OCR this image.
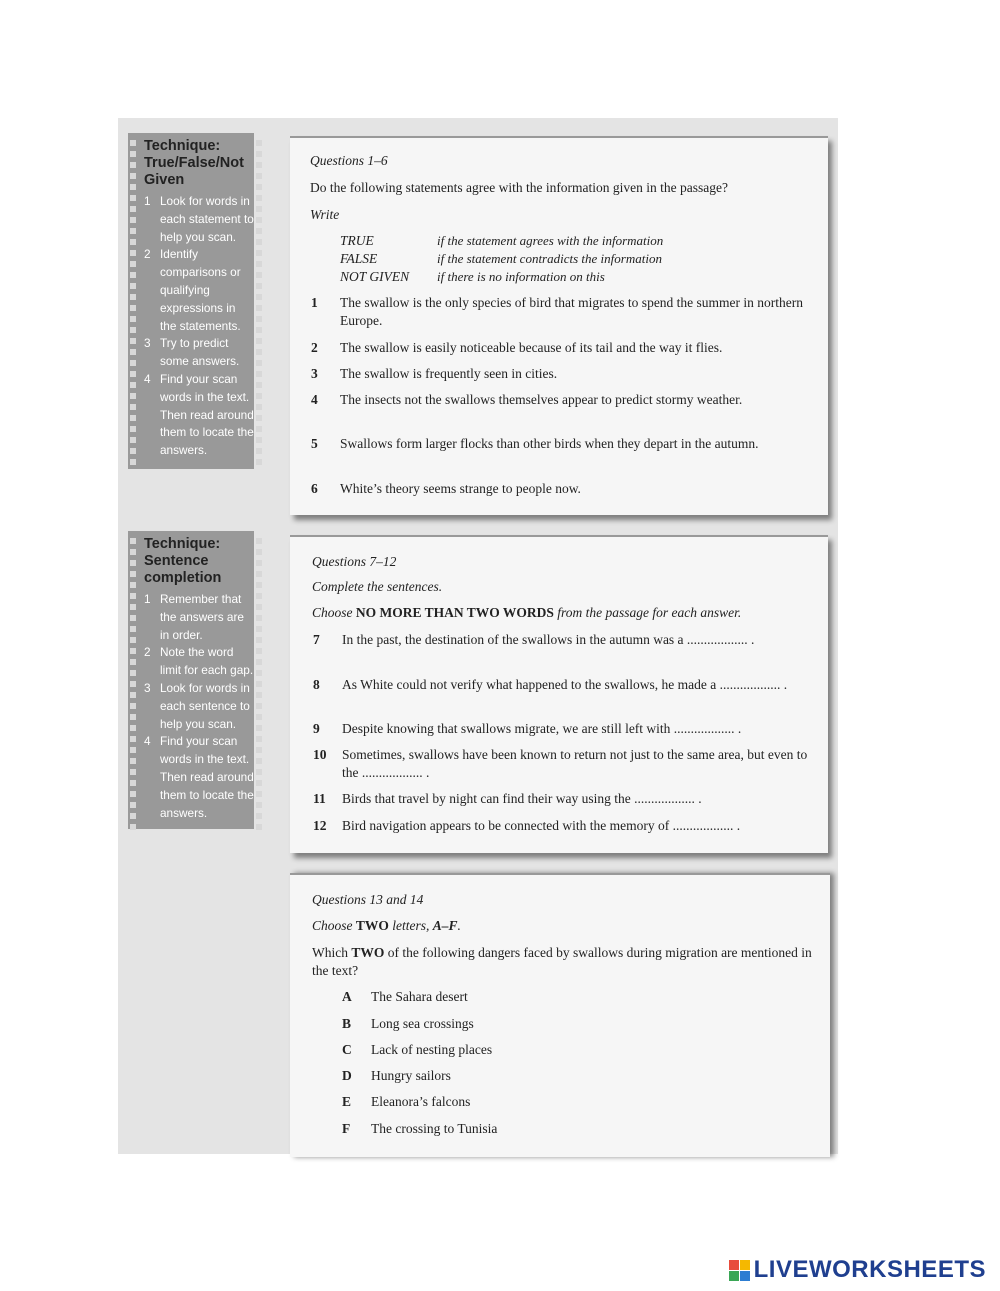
Technique: True/False/Not Given
1 Look for words in each statement to help you scan.
2 Identify comparisons or qualifying expressions in the statements.
3 Try to predict some answers.
4 Find your scan words in the text. Then read around them to locate the answers.
Questions 1–6
Do the following statements agree with the information given in the passage?
Write
TRUE	if the statement agrees with the information
FALSE	if the statement contradicts the information
NOT GIVEN if there is no information on this
1 The swallow is the only species of bird that migrates to spend the summer in northern Europe.
2 The swallow is easily noticeable because of its tail and the way it flies.
3 The swallow is frequently seen in cities.
4 The insects not the swallows themselves appear to predict stormy weather.
5 Swallows form larger flocks than other birds when they depart in the autumn.
6 White’s theory seems strange to people now.
Technique: Sentence completion
1 Remember that the answers are in order.
2 Note the word limit for each gap.
3 Look for words in each sentence to help you scan.
4 Find your scan words in the text. Then read around them to locate the answers.
Questions 7–12
Complete the sentences.
Choose NO MORE THAN TWO WORDS from the passage for each answer.
7 In the past, the destination of the swallows in the autumn was a .................. .
8 As White could not verify what happened to the swallows, he made a .................. .
9 Despite knowing that swallows migrate, we are still left with .................. .
10 Sometimes, swallows have been known to return not just to the same area, but even to the .................. .
11 Birds that travel by night can find their way using the .................. .
12 Bird navigation appears to be connected with the memory of .................. .
Questions 13 and 14
Choose TWO letters, A–F.
Which TWO of the following dangers faced by swallows during migration are mentioned in the text?
A The Sahara desert
B Long sea crossings
C Lack of nesting places
D Hungry sailors
E Eleanora’s falcons
F The crossing to Tunisia
LIVEWORKSHEETS
